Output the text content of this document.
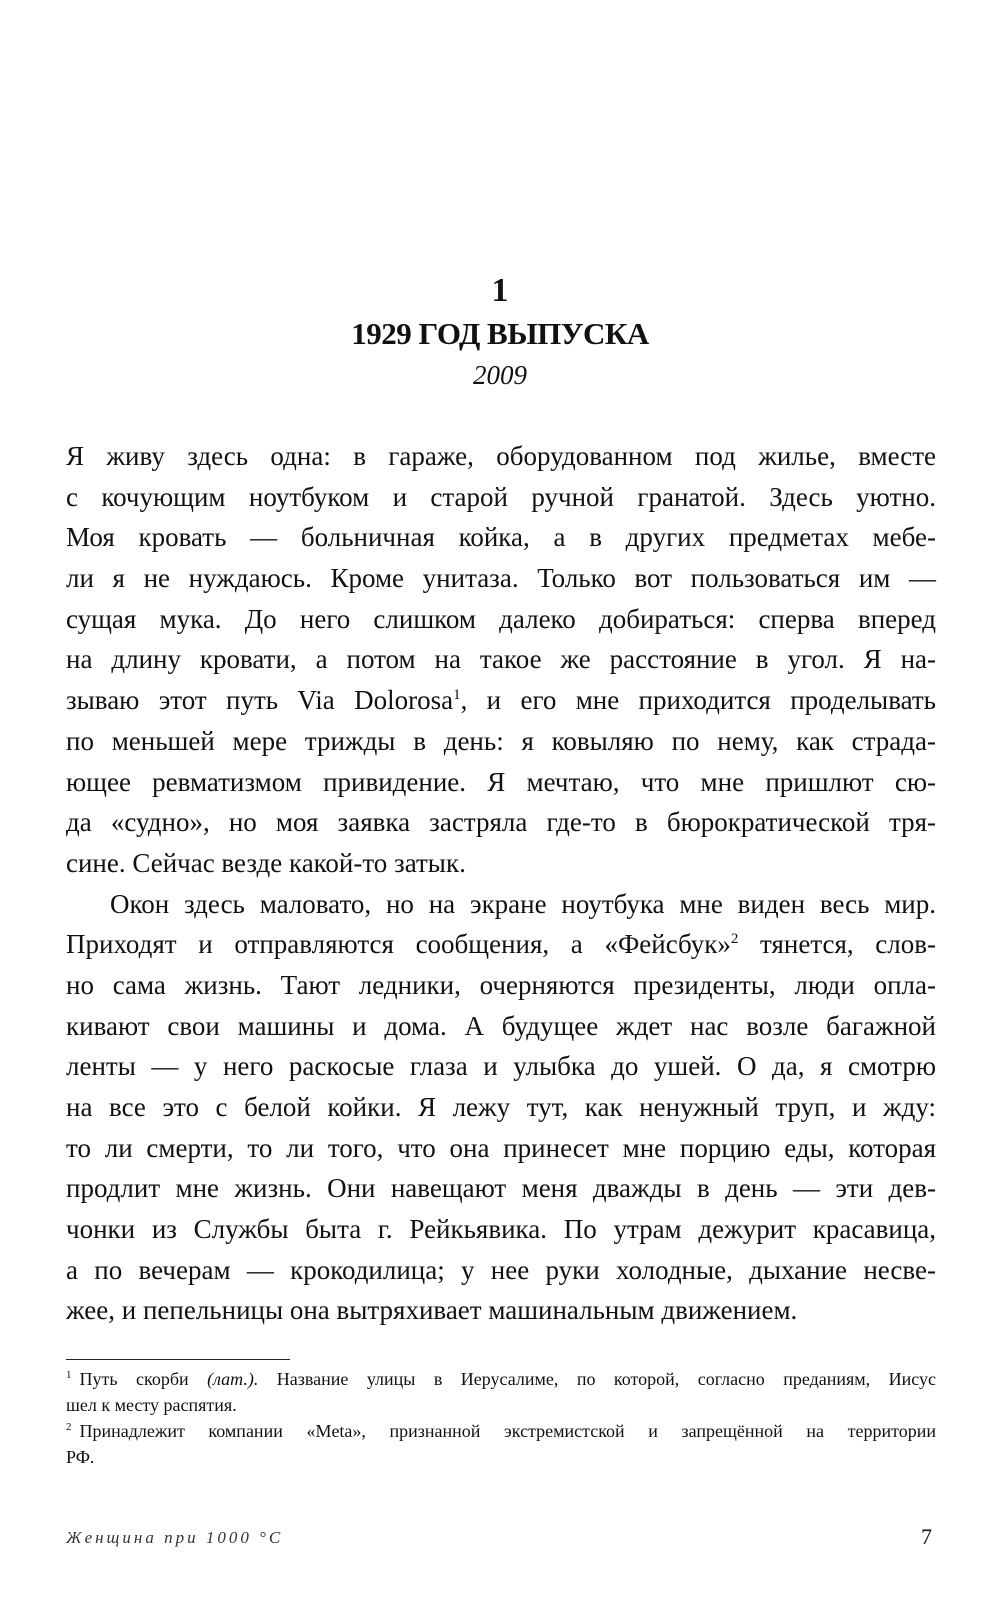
1
1929 ГОД ВЫПУСКА
2009
Я живу здесь одна: в гараже, оборудованном под жилье, вместе
с кочующим ноутбуком и старой ручной гранатой. Здесь уютно.
Моя кровать — больничная койка, а в других предметах мебе-
ли я не нуждаюсь. Кроме унитаза. Только вот пользоваться им —
сущая мука. До него слишком далеко добираться: сперва вперед
на длину кровати, а потом на такое же расстояние в угол. Я на-
зываю этот путь Via Dolorosa$^1$, и его мне приходится проделывать
по меньшей мере трижды в день: я ковыляю по нему, как страда-
ющее ревматизмом привидение. Я мечтаю, что мне пришлют сю-
да «судно», но моя заявка застряла где-то в бюрократической тря-
сине. Сейчас везде какой-то затык.
Окон здесь маловато, но на экране ноутбука мне виден весь мир.
Приходят и отправляются сообщения, а «Фейсбук»$^2$ тянется, слов-
но сама жизнь. Тают ледники, очерняются президенты, люди опла-
кивают свои машины и дома. А будущее ждет нас возле багажной
ленты — у него раскосые глаза и улыбка до ушей. О да, я смотрю
на все это с белой койки. Я лежу тут, как ненужный труп, и жду:
то ли смерти, то ли того, что она принесет мне порцию еды, которая
продлит мне жизнь. Они навещают меня дважды в день — эти дев-
чонки из Службы быта г. Рейкьявика. По утрам дежурит красавица,
а по вечерам — крокодилица; у нее руки холодные, дыхание несве-
жее, и пепельницы она вытряхивает машинальным движением.
$^1$ Путь скорби (лат.). Название улицы в Иерусалиме, по которой, согласно преданиям, Иисус
шел к месту распятия.
$^2$ Принадлежит компании «Meta», признанной экстремистской и запрещённой на территории
РФ.
Женщина при 1000 °C	7
